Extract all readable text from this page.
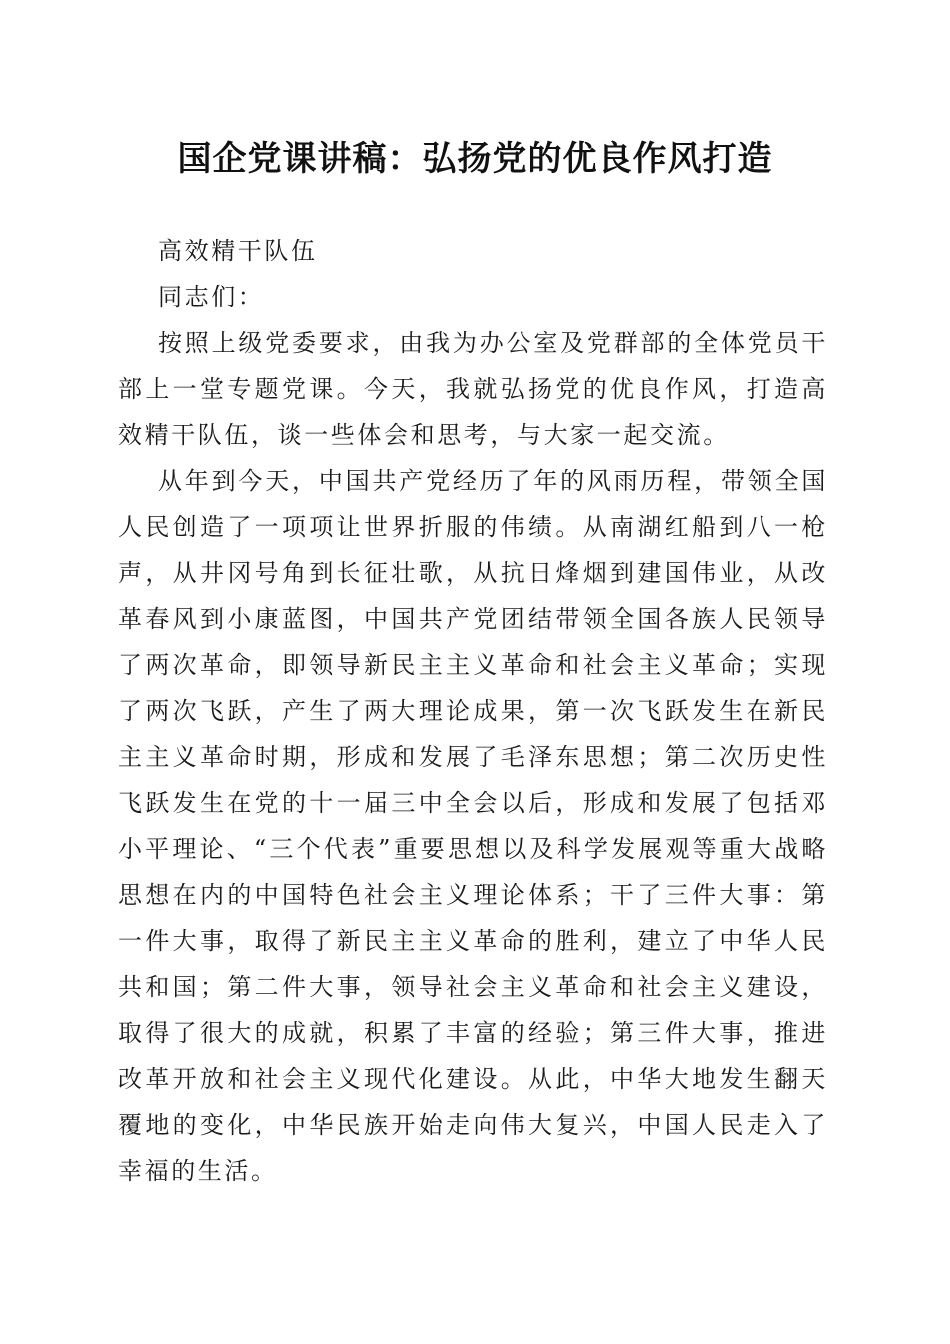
国企党课讲稿：弘扬党的优良作风打造

高效精干队伍

同志们：

按照上级党委要求，由我为办公室及党群部的全体党员干部上一堂专题党课。今天，我就弘扬党的优良作风，打造高效精干队伍，谈一些体会和思考，与大家一起交流。

从年到今天，中国共产党经历了年的风雨历程，带领全国人民创造了一项项让世界折服的伟绩。从南湖红船到八一枪声，从井冈号角到长征壮歌，从抗日烽烟到建国伟业，从改革春风到小康蓝图，中国共产党团结带领全国各族人民领导了两次革命，即领导新民主主义革命和社会主义革命；实现了两次飞跃，产生了两大理论成果，第一次飞跃发生在新民主主义革命时期，形成和发展了毛泽东思想；第二次历史性飞跃发生在党的十一届三中全会以后，形成和发展了包括邓小平理论、“三个代表”重要思想以及科学发展观等重大战略思想在内的中国特色社会主义理论体系；干了三件大事：第一件大事，取得了新民主主义革命的胜利，建立了中华人民共和国；第二件大事，领导社会主义革命和社会主义建设，取得了很大的成就，积累了丰富的经验；第三件大事，推进改革开放和社会主义现代化建设。从此，中华大地发生翻天覆地的变化，中华民族开始走向伟大复兴，中国人民走入了幸福的生活。
